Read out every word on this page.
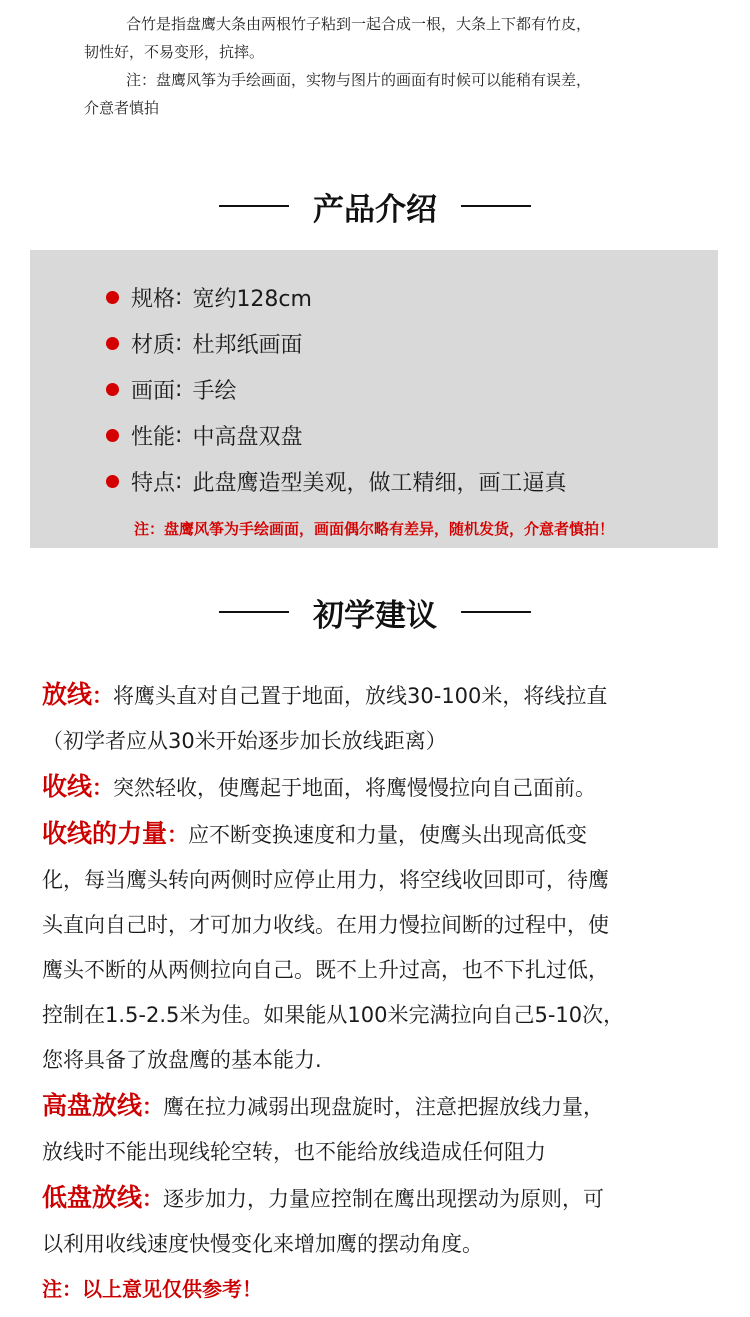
合竹是指盘鹰大条由两根竹子粘到一起合成一根，大条上下都有竹皮，

韧性好，不易变形，抗摔。

注：盘鹰风筝为手绘画面，实物与图片的画面有时候可以能稍有误差，

介意者慎拍

产品介绍
规格 : 宽约128cm
材质 : 杜邦纸画面
画面 : 手绘
性能 : 中高盘双盘
特点 : 此盘鹰造型美观，做工精细，画工逼真
注：盘鹰风筝为手绘画面，画面偶尔略有差异，随机发货，介意者慎拍！
初学建议

放线：将鹰头直对自己置于地面，放线30-100米，将线拉直

（初学者应从30米开始逐步加长放线距离）

收线：突然轻收，使鹰起于地面，将鹰慢慢拉向自己面前。

收线的力量：应不断变换速度和力量，使鹰头出现高低变

化，每当鹰头转向两侧时应停止用力，将空线收回即可，待鹰

头直向自己时，才可加力收线。在用力慢拉间断的过程中，使

鹰头不断的从两侧拉向自己。既不上升过高，也不下扎过低，

控制在1.5-2.5米为佳。如果能从100米完满拉向自己5-10次，

您将具备了放盘鹰的基本能力.

高盘放线：鹰在拉力减弱出现盘旋时，注意把握放线力量，

放线时不能出现线轮空转，也不能给放线造成任何阻力

低盘放线：逐步加力，力量应控制在鹰出现摆动为原则，可

以利用收线速度快慢变化来增加鹰的摆动角度。

注：以上意见仅供参考！
